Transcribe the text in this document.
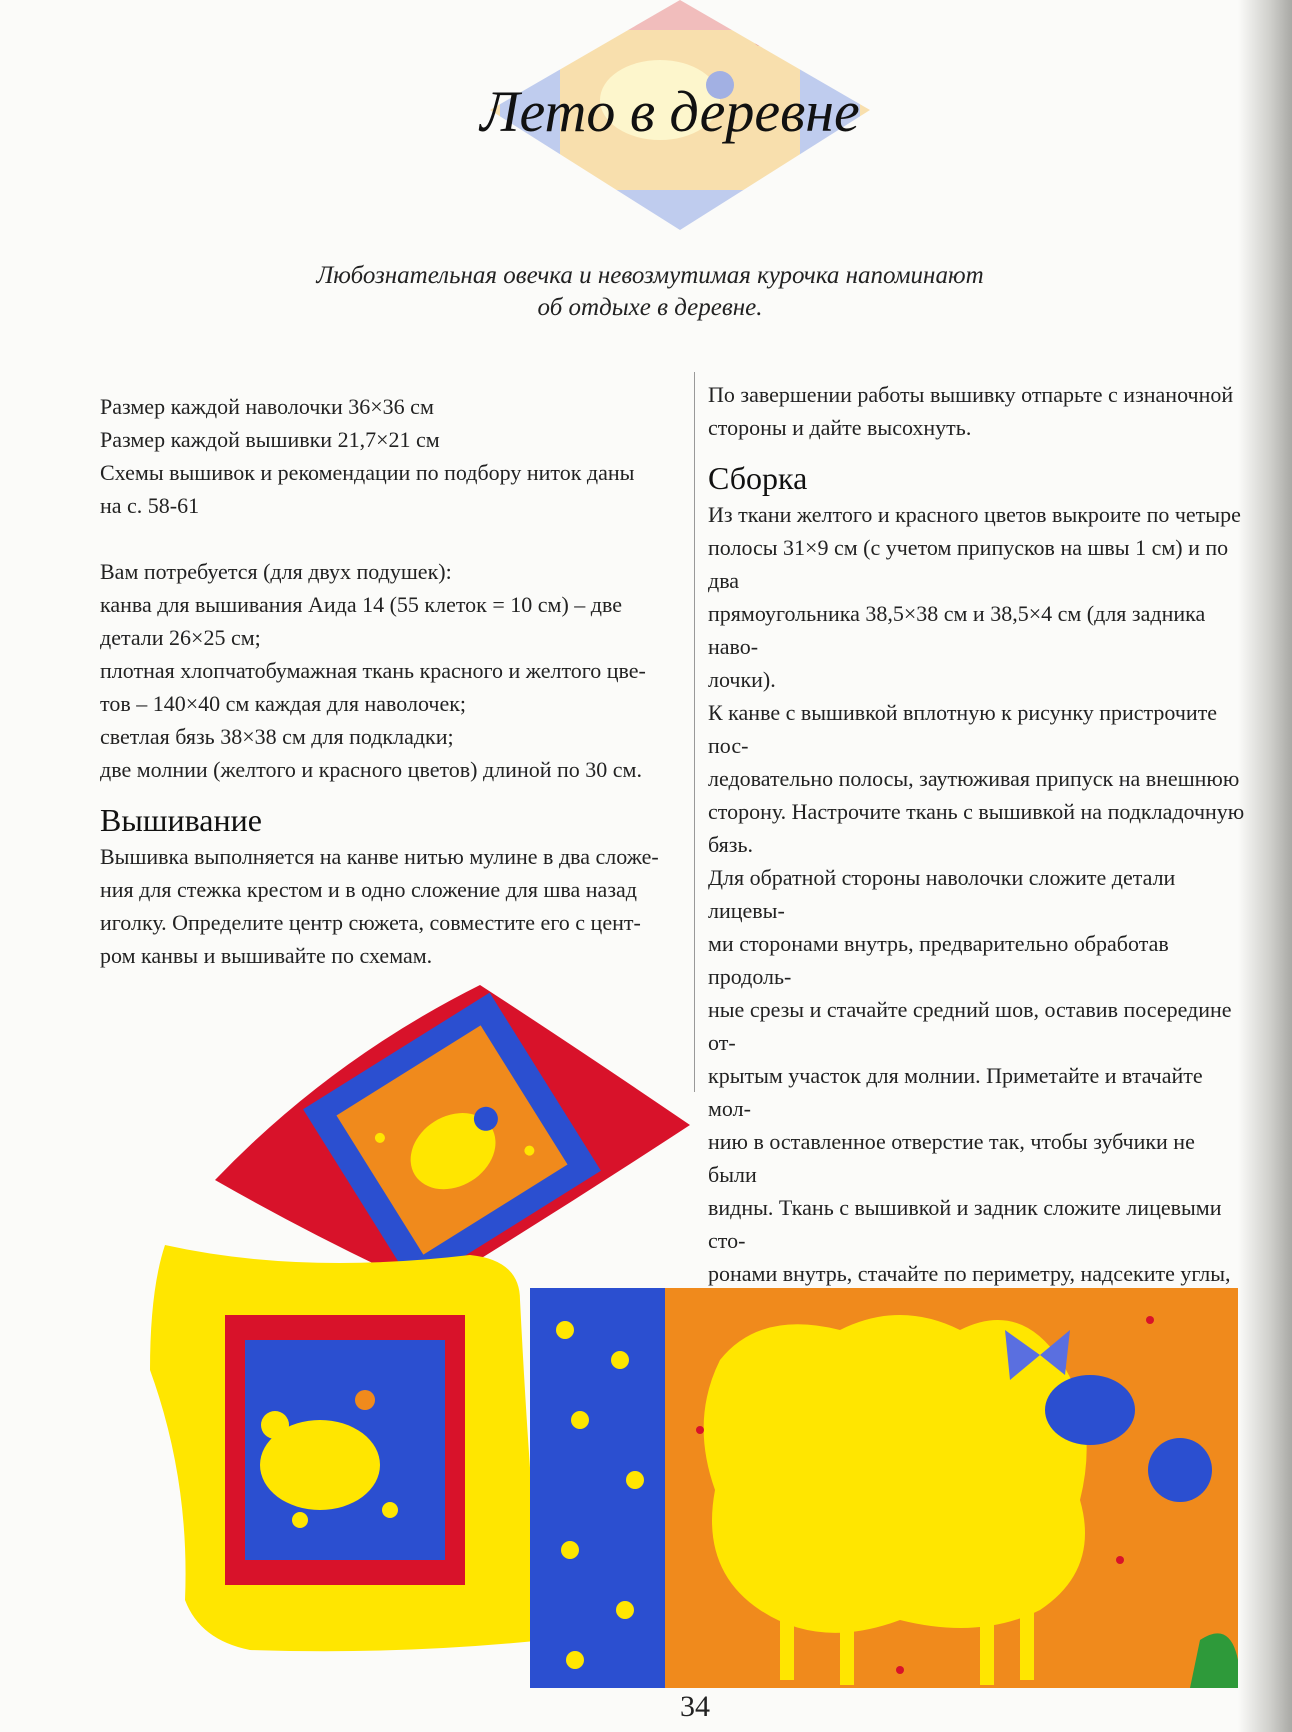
Лето в деревне
Любознательная овечка и невозмутимая курочка напоминают
об отдыхе в деревне.

Размер каждой наволочки 36×36 см

Размер каждой вышивки 21,7×21 см

Схемы вышивок и рекомендации по подбору ниток даны

на с. 58-61

Вам потребуется (для двух подушек):

канва для вышивания Аида 14 (55 клеток = 10 см) – две

детали 26×25 см;

плотная хлопчатобумажная ткань красного и желтого цве-

тов – 140×40 см каждая для наволочек;

светлая бязь 38×38 см для подкладки;

две молнии (желтого и красного цветов) длиной по 30 см.

Вышивание

Вышивка выполняется на канве нитью мулине в два сложе-

ния для стежка крестом и в одно сложение для шва назад

иголку. Определите центр сюжета, совместите его с цент-

ром канвы и вышивайте по схемам.

По завершении работы вышивку отпарьте с изнаночной

стороны и дайте высохнуть.

Сборка

Из ткани желтого и красного цветов выкроите по четыре

полосы 31×9 см (с учетом припусков на швы 1 см) и по два

прямоугольника 38,5×38 см и 38,5×4 см (для задника наво-

лочки).

К канве с вышивкой вплотную к рисунку пристрочите пос-

ледовательно полосы, заутюживая припуск на внешнюю

сторону. Настрочите ткань с вышивкой на подкладочную

бязь.

Для обратной стороны наволочки сложите детали лицевы-

ми сторонами внутрь, предварительно обработав продоль-

ные срезы и стачайте средний шов, оставив посередине от-

крытым участок для молнии. Приметайте и втачайте мол-

нию в оставленное отверстие так, чтобы зубчики не были

видны. Ткань с вышивкой и задник сложите лицевыми сто-

ронами внутрь, стачайте по периметру, надсеките углы,

34
